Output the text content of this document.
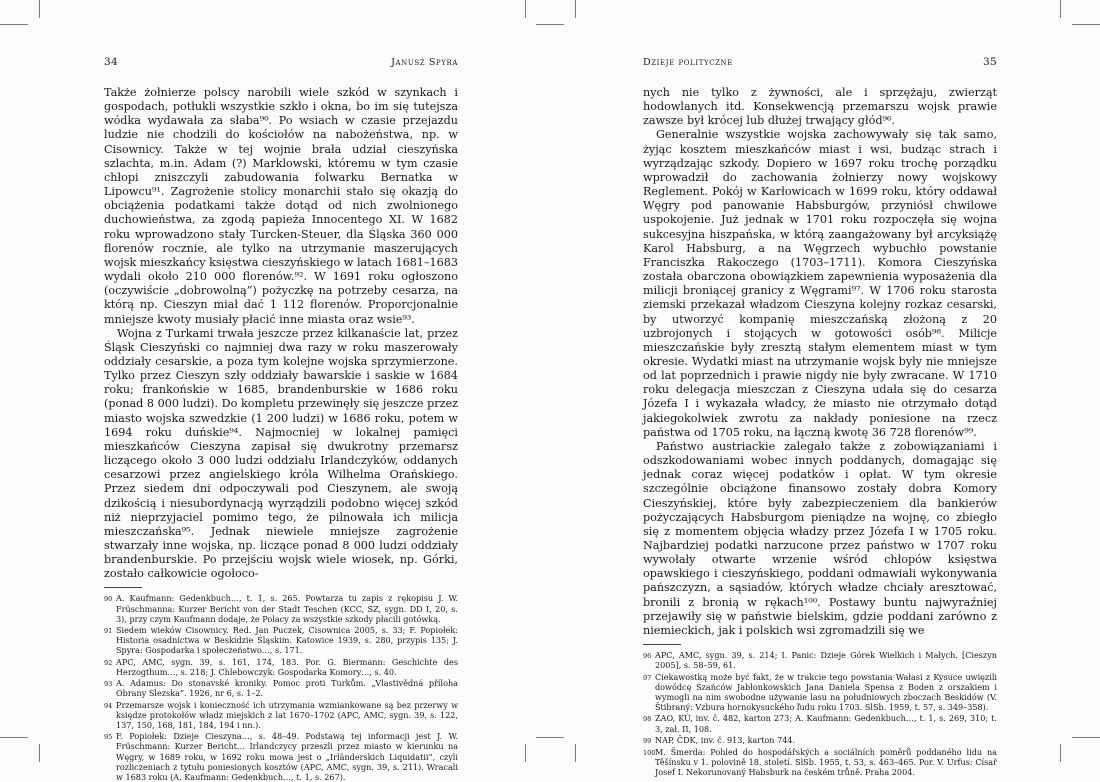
34	Janusz Spyra

Także żołnierze polscy narobili wiele szkód w szynkach i gospodach, potłukli wszystkie szkło i okna, bo im się tutejsza wódka wydawała za słaba⁹⁰. Po wsiach w czasie przejazdu ludzie nie chodzili do kościołów na nabożeństwa, np. w Cisownicy. Także w tej wojnie brała udział cieszyńska szlachta, m.in. Adam (?) Marklowski, któremu w tym czasie chłopi zniszczyli zabudowania folwarku Bernatka w Lipowcu⁹¹. Zagrożenie stolicy monarchii stało się okazją do obciążenia podatkami także dotąd od nich zwolnionego duchowieństwa, za zgodą papieża Innocentego XI. W 1682 roku wprowadzono stały Turcken-Steuer, dla Śląska 360 000 florenów rocznie, ale tylko na utrzymanie maszerujących wojsk mieszkańcy księstwa cieszyńskiego w latach 1681–1683 wydali około 210 000 florenów.⁹². W 1691 roku ogłoszono (oczywiście „dobrowolną”) pożyczkę na potrzeby cesarza, na którą np. Cieszyn miał dać 1 112 florenów. Proporcjonalnie mniejsze kwoty musiały płacić inne miasta oraz wsie⁹³.

Wojna z Turkami trwała jeszcze przez kilkanaście lat, przez Śląsk Cieszyński co najmniej dwa razy w roku maszerowały oddziały cesarskie, a poza tym kolejne wojska sprzymierzone. Tylko przez Cieszyn szły oddziały bawarskie i saskie w 1684 roku; frankońskie w 1685, brandenburskie w 1686 roku (ponad 8 000 ludzi). Do kompletu przewinęły się jeszcze przez miasto wojska szwedzkie (1 200 ludzi) w 1686 roku, potem w 1694 roku duńskie⁹⁴. Najmocniej w lokalnej pamięci mieszkańców Cieszyna zapisał się dwukrotny przemarsz liczącego około 3 000 ludzi oddziału Irlandczyków, oddanych cesarzowi przez angielskiego króla Wilhelma Orańskiego. Przez siedem dni odpoczywali pod Cieszynem, ale swoją dzikością i niesubordynacją wyrządzili podobno więcej szkód niż nieprzyjaciel pomimo tego, że pilnowała ich milicja mieszczańska⁹⁵. Jednak niewiele mniejsze zagrożenie stwarzały inne wojska, np. liczące ponad 8 000 ludzi oddziały brandenburskie. Po przejściu wojsk wiele wiosek, np. Górki, zostało całkowicie ogołoco-

90 A. Kaufmann: Gedenkbuch…, t. 1, s. 265. Powtarza tu zapis z rękopisu J. W. Früschmanna: Kurzer Bericht von der Stadt Teschen (KCC, SZ, sygn. DD I, 20, s. 3), przy czym Kaufmann dodaje, że Polacy za wszystkie szkody płacili gotówką.
91 Siedem wieków Cisownicy. Red. Jan Puczek, Cisownica 2005, s. 33; F. Popiołek: Historia osadnictwa w Beskidzie Śląskim. Katowice 1939, s. 280, przypis 135; J. Spyra: Gospodarka i społeczeństwo…, s. 171.
92 APC, AMC, sygn. 39, s. 161, 174, 183. Por. G. Biermann: Geschichte des Herzogthum…, s. 218; J. Chlebowczyk: Gospodarka Komory…, s. 40.
93 A. Adamus: Do stonavské kroniky. Pomoc proti Turkům. „Vlastivědná příloha Obrany Slezska”. 1926, nr 6, s. 1–2.
94 Przemarsze wojsk i konieczność ich utrzymania wzmiankowane są bez przerwy w księdze protokołów władz miejskich z lat 1670–1702 (APC, AMC, sygn. 39, s. 122, 137, 150, 168, 181, 184, 194 i nn.).
95 F. Popiołek: Dzieje Cieszyna…, s. 48–49. Podstawą tej informacji jest J. W. Früschmann: Kurzer Bericht… Irlandczycy przeszli przez miasto w kierunku na Węgry, w 1689 roku, w 1692 roku mowa jest o „Irländerskich Liquidatii”, czyli rozliczeniach z tytułu poniesionych kosztów (APC, AMC, sygn. 39, s. 211). Wracali w 1683 roku (A. Kaufmann: Gedenkbuch…, t. 1, s. 267).
Dzieje polityczne	35

nych nie tylko z żywności, ale i sprzężaju, zwierząt hodowlanych itd. Konsekwencją przemarszu wojsk prawie zawsze był krócej lub dłużej trwający głód⁹⁶.

Generalnie wszystkie wojska zachowywały się tak samo, żyjąc kosztem mieszkańców miast i wsi, budząc strach i wyrządzając szkody. Dopiero w 1697 roku trochę porządku wprowadził do zachowania żołnierzy nowy wojskowy Reglement. Pokój w Karłowicach w 1699 roku, który oddawał Węgry pod panowanie Habsburgów, przyniósł chwilowe uspokojenie. Już jednak w 1701 roku rozpoczęła się wojna sukcesyjna hiszpańska, w którą zaangażowany był arcyksiążę Karol Habsburg, a na Węgrzech wybuchło powstanie Franciszka Rakoczego (1703–1711). Komora Cieszyńska została obarczona obowiązkiem zapewnienia wyposażenia dla milicji broniącej granicy z Węgrami⁹⁷. W 1706 roku starosta ziemski przekazał władzom Cieszyna kolejny rozkaz cesarski, by utworzyć kompanię mieszczańską złożoną z 20 uzbrojonych i stojących w gotowości osób⁹⁸. Milicje mieszczańskie były zresztą stałym elementem miast w tym okresie. Wydatki miast na utrzymanie wojsk były nie mniejsze od lat poprzednich i prawie nigdy nie były zwracane. W 1710 roku delegacja mieszczan z Cieszyna udała się do cesarza Józefa I i wykazała władcy, że miasto nie otrzymało dotąd jakiegokolwiek zwrotu za nakłady poniesione na rzecz państwa od 1705 roku, na łączną kwotę 36 728 florenów⁹⁹.

Państwo austriackie zalegało także z zobowiązaniami i odszkodowaniami wobec innych poddanych, domagając się jednak coraz więcej podatków i opłat. W tym okresie szczególnie obciążone finansowo zostały dobra Komory Cieszyńskiej, które były zabezpieczeniem dla bankierów pożyczających Habsburgom pieniądze na wojnę, co zbiegło się z momentem objęcia władzy przez Józefa I w 1705 roku. Najbardziej podatki narzucone przez państwo w 1707 roku wywołały otwarte wrzenie wśród chłopów księstwa opawskiego i cieszyńskiego, poddani odmawiali wykonywania pańszczyzn, a sąsiadów, których władze chciały aresztować, bronili z bronią w rękach¹⁰⁰. Postawy buntu najwyraźniej przejawiły się w państwie bielskim, gdzie poddani zarówno z niemieckich, jak i polskich wsi zgromadzili się we

96 APC, AMC, sygn. 39, s. 214; I. Panic: Dzieje Górek Wielkich i Małych. [Cieszyn 2005], s. 58–59, 61.
97 Ciekawostką może być fakt, że w trakcie tego powstania Wałasi z Kysuce uwięzili dowódcę Szańców Jabłonkowskich Jana Daniela Spensa z Boden z orszakiem i wymogli na nim swobodne używanie lasu na południowych zboczach Beskidów (V. Štibraný: Vzbura hornokysuckého ľudu roku 1703. SlSb. 1959, t. 57, s. 349–358).
98 ZAO, KÚ, inv. č. 482, karton 273; A. Kaufmann: Gedenkbuch…, t. 1, s. 269, 310; t. 3, zał. II, 108.
99 NAP, ČDK, inv. č. 913, karton 744.
100 M. Šmerda: Pohled do hospodářských a sociálních poměrů poddaného lidu na Těšínsku v 1. polovině 18. století. SlSb. 1955, t. 53, s. 463–465. Por. V. Urfus: Císař Josef I. Nekorunovaný Habsburk na českém trůně. Praha 2004.
